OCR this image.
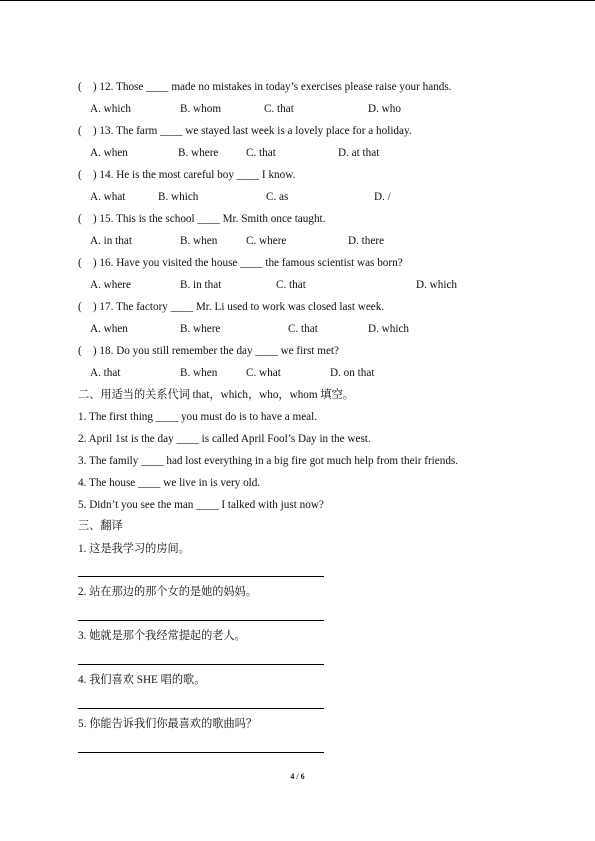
(    ) 12. Those ____ made no mistakes in today’s exercises please raise your hands.
A. which	B. whom	C. that	D. who
(    ) 13. The farm ____ we stayed last week is a lovely place for a holiday.
A. when	B. where C. that	D. at that
(    ) 14. He is the most careful boy ____ I know.
A. what	B. which	C. as	D. /
(    ) 15. This is the school ____ Mr. Smith once taught.
A. in that	B. when	C. where	D. there
(    ) 16. Have you visited the house ____ the famous scientist was born?
A. where	B. in that	C. that	D. which
(    ) 17. The factory ____ Mr. Li used to work was closed last week.
A. when	B. where	C. that	D. which
(    ) 18. Do you still remember the day ____ we first met?
A. that	B. when	C. what	D. on that
二、用适当的关系代词 that，which，who，whom 填空。
1. The first thing ____ you must do is to have a meal.
2. April 1st is the day ____ is called April Fool’s Day in the west.
3. The family ____ had lost everything in a big fire got much help from their friends.
4. The house ____ we live in is very old.
5. Didn’t you see the man ____ I talked with just now?
三、翻译
1. 这是我学习的房间。
2. 站在那边的那个女的是她的妈妈。
3. 她就是那个我经常提起的老人。
4. 我们喜欢 SHE 唱的歌。
5. 你能告诉我们你最喜欢的歌曲吗？
4 / 6
